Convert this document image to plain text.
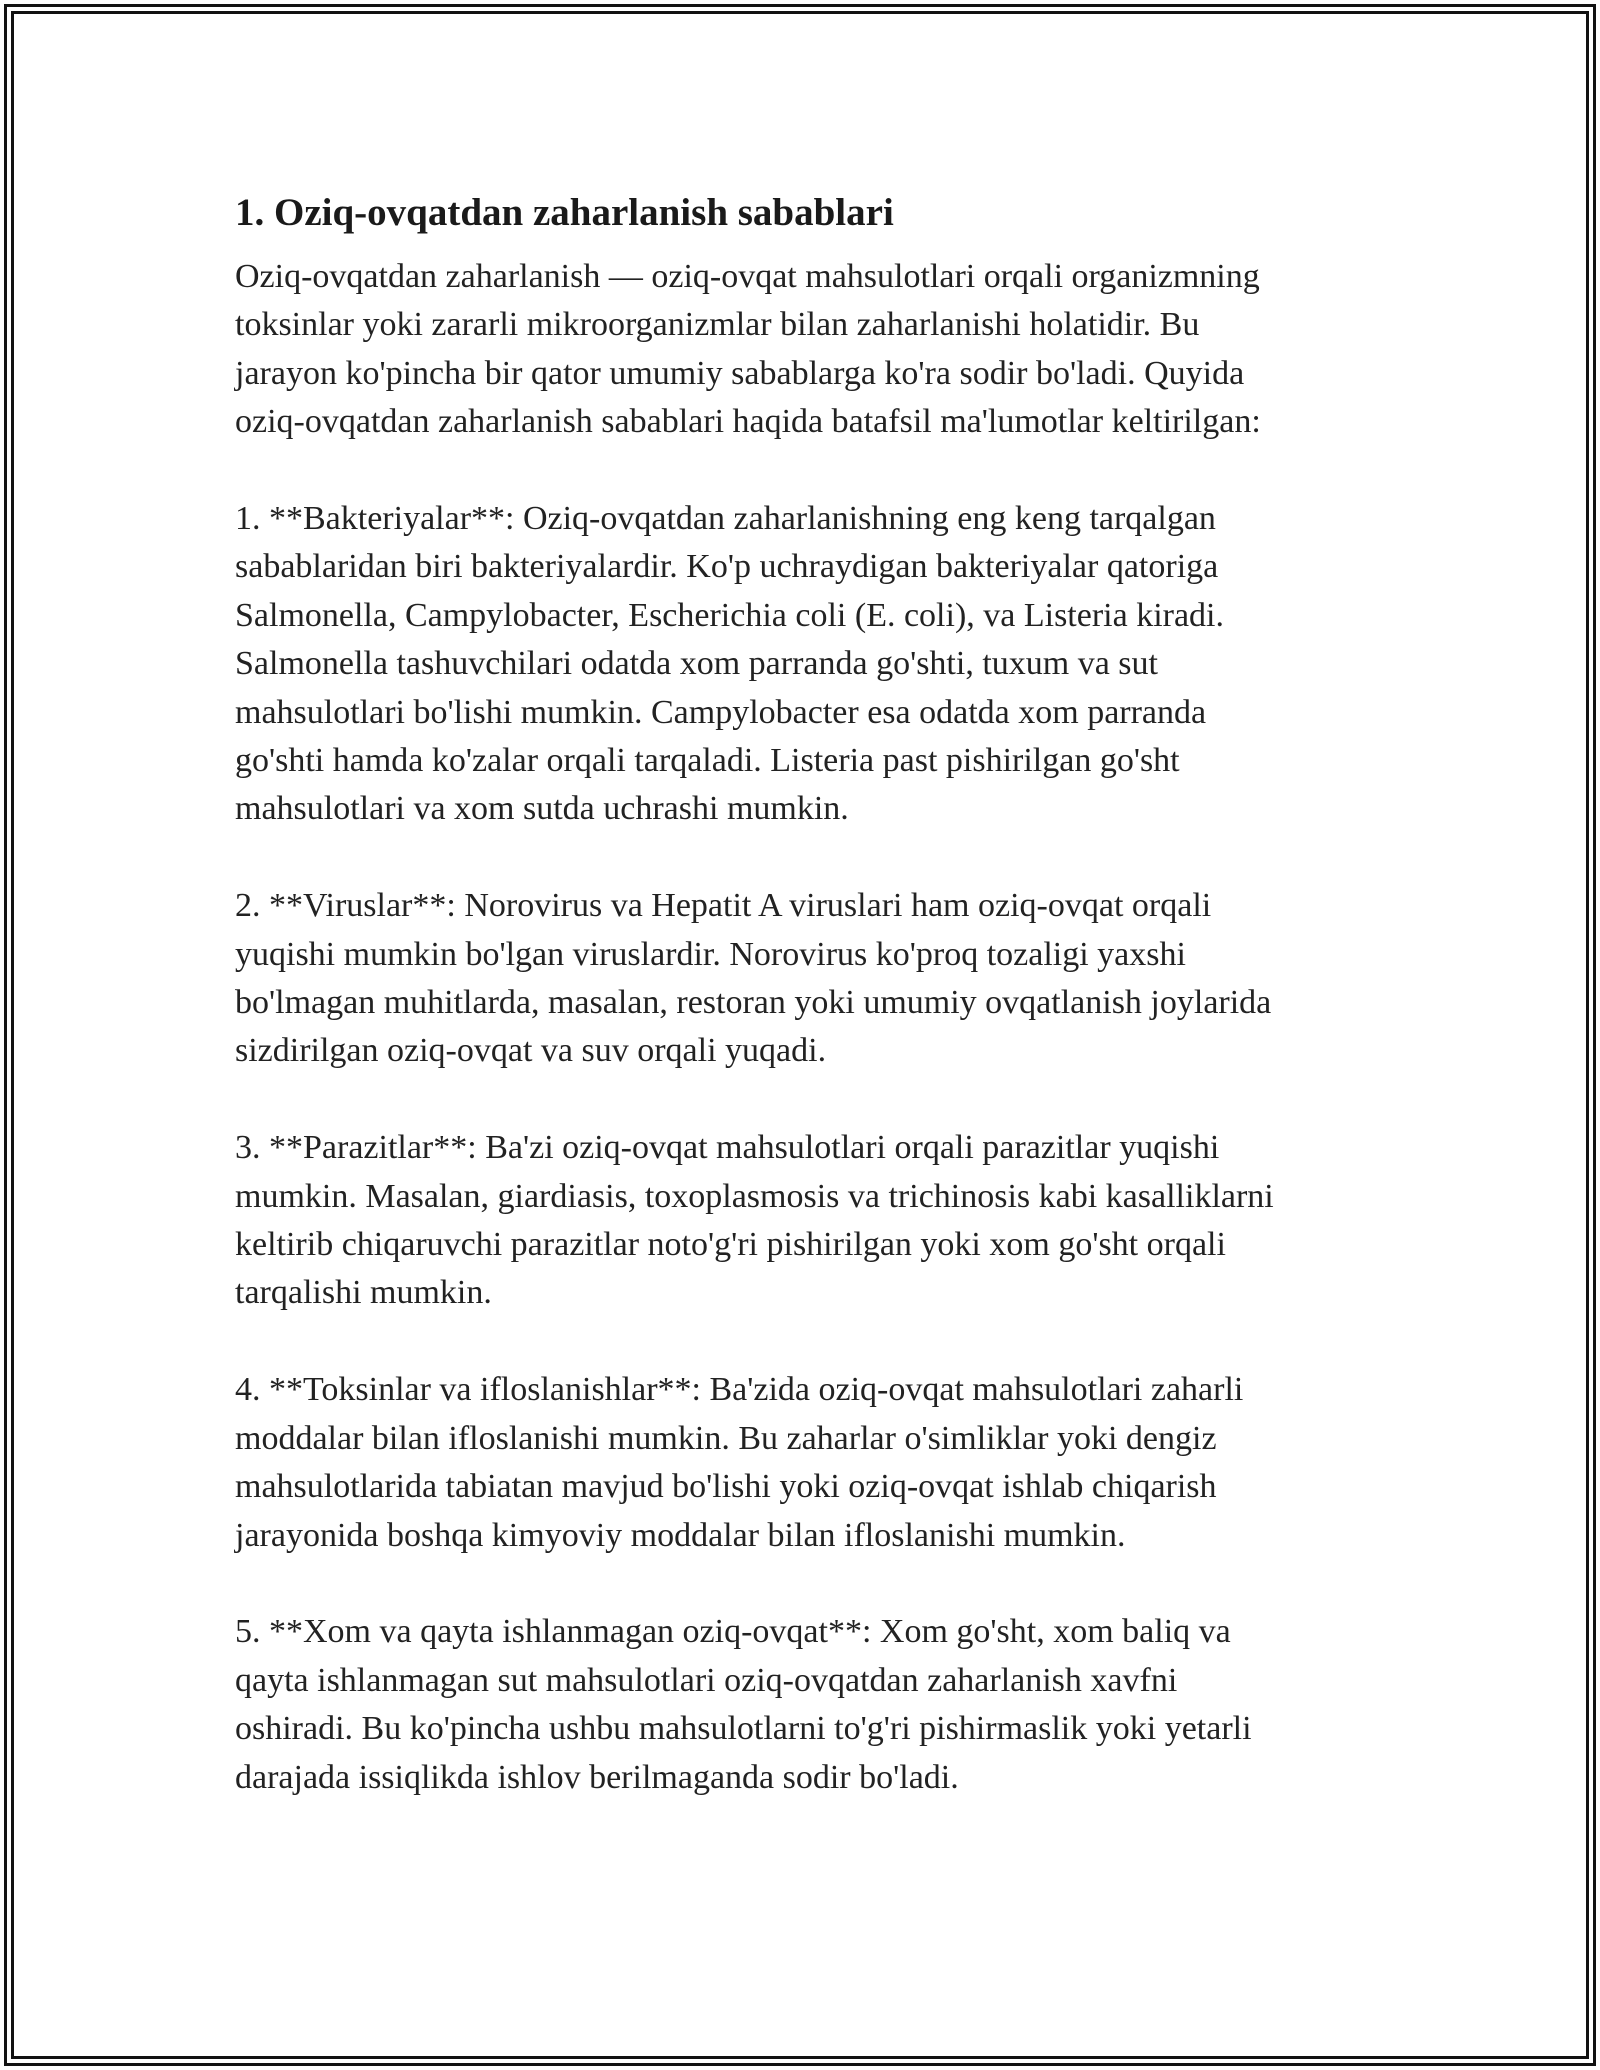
1. Oziq-ovqatdan zaharlanish sabablari

Oziq-ovqatdan zaharlanish — oziq-ovqat mahsulotlari orqali organizmning
toksinlar yoki zararli mikroorganizmlar bilan zaharlanishi holatidir. Bu
jarayon ko'pincha bir qator umumiy sabablarga ko'ra sodir bo'ladi. Quyida
oziq-ovqatdan zaharlanish sabablari haqida batafsil ma'lumotlar keltirilgan:

1. **Bakteriyalar**: Oziq-ovqatdan zaharlanishning eng keng tarqalgan
sabablaridan biri bakteriyalardir. Ko'p uchraydigan bakteriyalar qatoriga
Salmonella, Campylobacter, Escherichia coli (E. coli), va Listeria kiradi.
Salmonella tashuvchilari odatda xom parranda go'shti, tuxum va sut
mahsulotlari bo'lishi mumkin. Campylobacter esa odatda xom parranda
go'shti hamda ko'zalar orqali tarqaladi. Listeria past pishirilgan go'sht
mahsulotlari va xom sutda uchrashi mumkin.

2. **Viruslar**: Norovirus va Hepatit A viruslari ham oziq-ovqat orqali
yuqishi mumkin bo'lgan viruslardir. Norovirus ko'proq tozaligi yaxshi
bo'lmagan muhitlarda, masalan, restoran yoki umumiy ovqatlanish joylarida
sizdirilgan oziq-ovqat va suv orqali yuqadi.

3. **Parazitlar**: Ba'zi oziq-ovqat mahsulotlari orqali parazitlar yuqishi
mumkin. Masalan, giardiasis, toxoplasmosis va trichinosis kabi kasalliklarni
keltirib chiqaruvchi parazitlar noto'g'ri pishirilgan yoki xom go'sht orqali
tarqalishi mumkin.

4. **Toksinlar va ifloslanishlar**: Ba'zida oziq-ovqat mahsulotlari zaharli
moddalar bilan ifloslanishi mumkin. Bu zaharlar o'simliklar yoki dengiz
mahsulotlarida tabiatan mavjud bo'lishi yoki oziq-ovqat ishlab chiqarish
jarayonida boshqa kimyoviy moddalar bilan ifloslanishi mumkin.

5. **Xom va qayta ishlanmagan oziq-ovqat**: Xom go'sht, xom baliq va
qayta ishlanmagan sut mahsulotlari oziq-ovqatdan zaharlanish xavfni
oshiradi. Bu ko'pincha ushbu mahsulotlarni to'g'ri pishirmaslik yoki yetarli
darajada issiqlikda ishlov berilmaganda sodir bo'ladi.
